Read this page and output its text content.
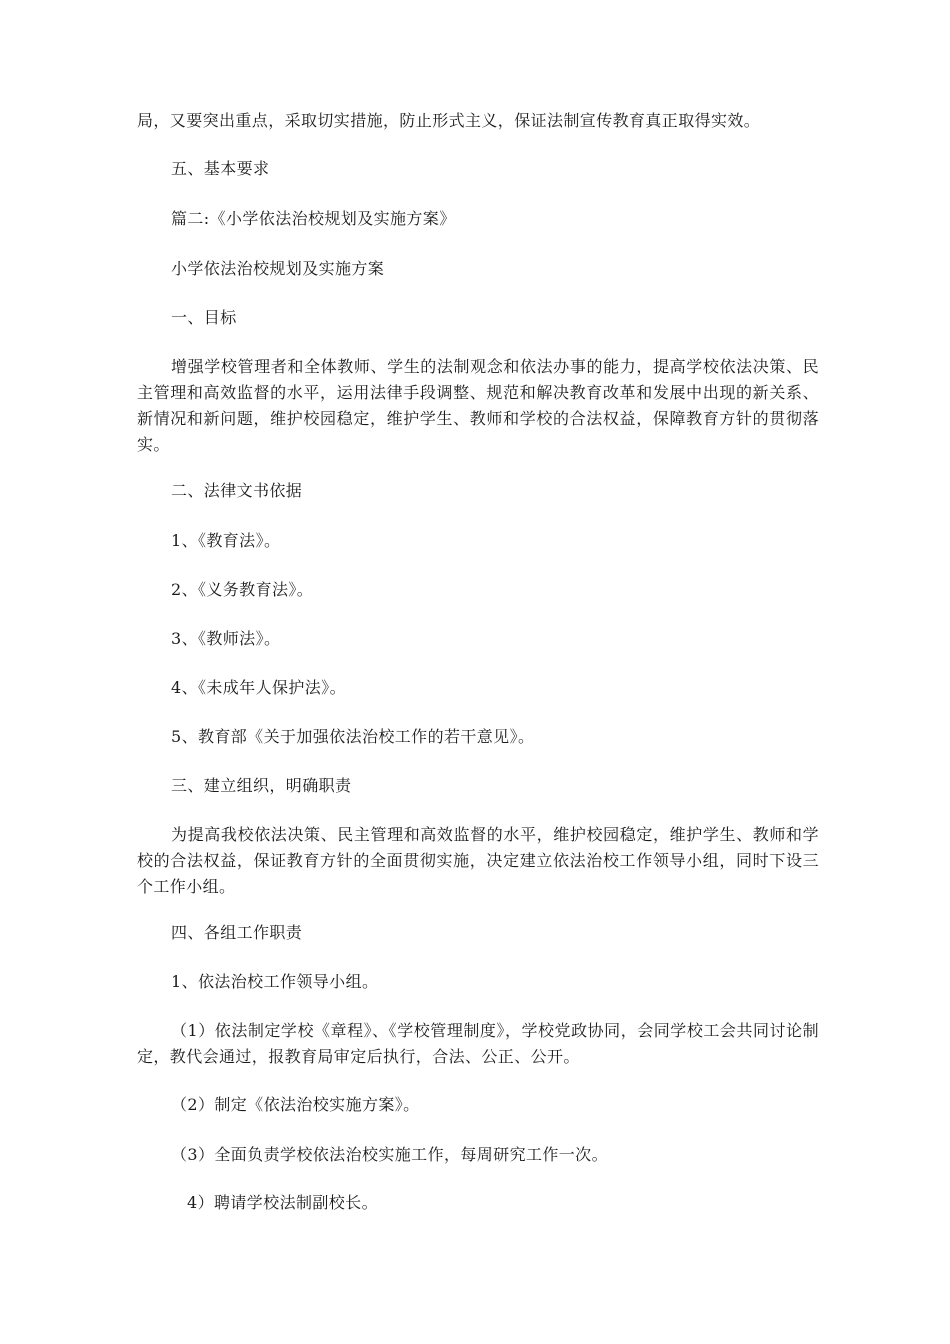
局，又要突出重点，采取切实措施，防止形式主义，保证法制宣传教育真正取得实效。
五、基本要求
篇二:《小学依法治校规划及实施方案》
小学依法治校规划及实施方案
一、目标
增强学校管理者和全体教师、学生的法制观念和依法办事的能力，提高学校依法决策、民主管理和高效监督的水平，运用法律手段调整、规范和解决教育改革和发展中出现的新关系、新情况和新问题，维护校园稳定，维护学生、教师和学校的合法权益，保障教育方针的贯彻落实。
二、法律文书依据
1、《教育法》。
2、《义务教育法》。
3、《教师法》。
4、《未成年人保护法》。
5、教育部《关于加强依法治校工作的若干意见》。
三、建立组织，明确职责
为提高我校依法决策、民主管理和高效监督的水平，维护校园稳定，维护学生、教师和学校的合法权益，保证教育方针的全面贯彻实施，决定建立依法治校工作领导小组，同时下设三个工作小组。
四、各组工作职责
1、依法治校工作领导小组。
（1）依法制定学校《章程》、《学校管理制度》，学校党政协同，会同学校工会共同讨论制定，教代会通过，报教育局审定后执行，合法、公正、公开。
（2）制定《依法治校实施方案》。
（3）全面负责学校依法治校实施工作，每周研究工作一次。
4）聘请学校法制副校长。
